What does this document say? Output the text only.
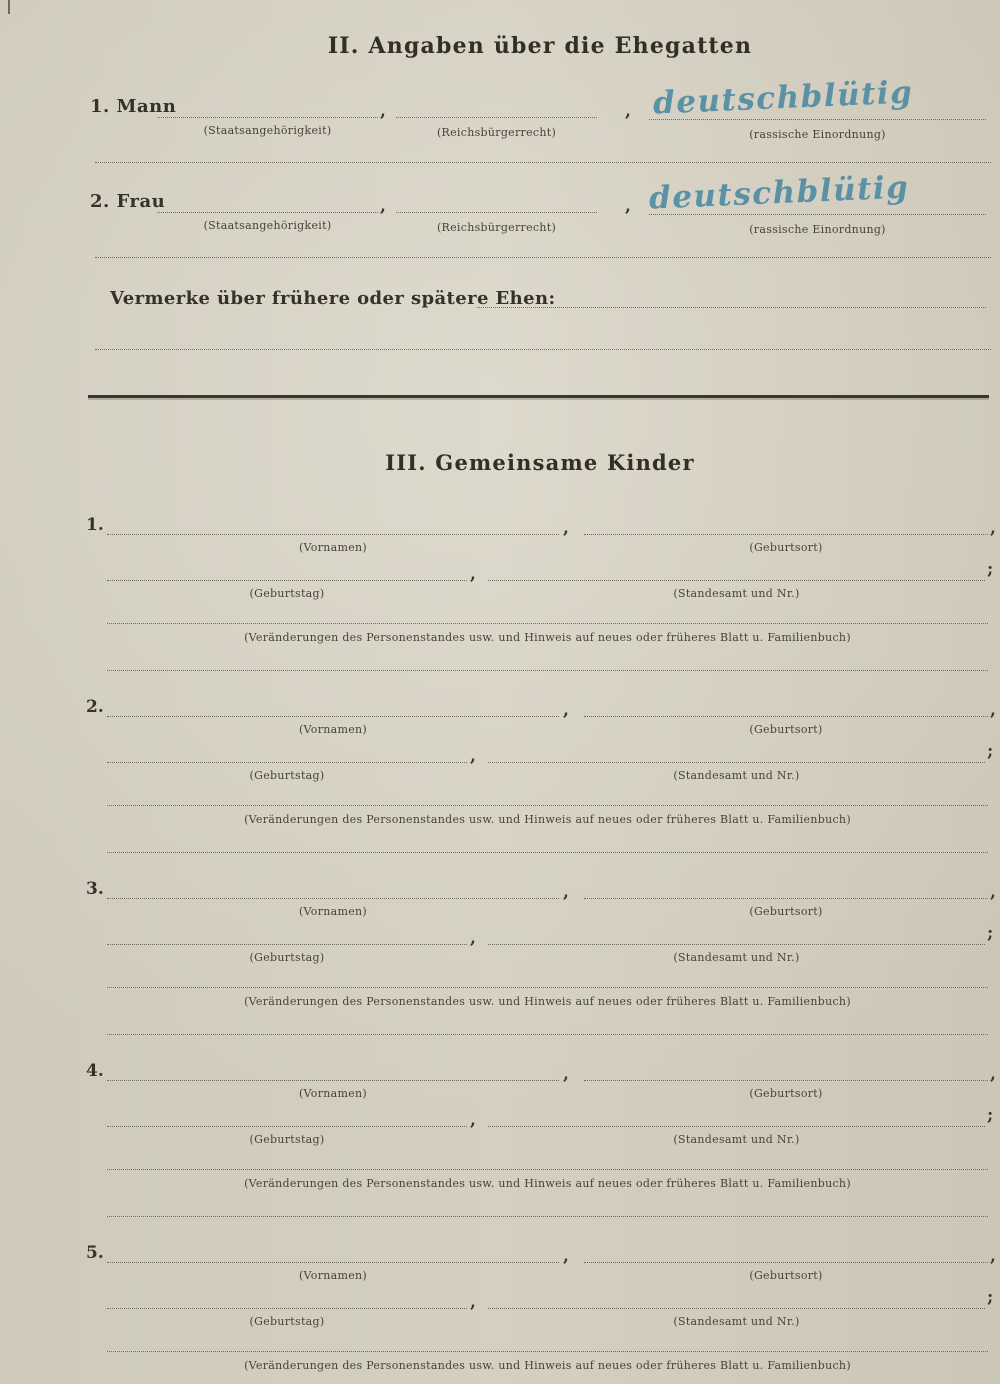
II. Angaben über die Ehegatten
1. Mann	,	,
(Staatsangehörigkeit)	(Reichsbürgerrecht)	(rassische Einordnung)
deutschblütig
2. Frau	,	,
(Staatsangehörigkeit)	(Reichsbürgerrecht)	(rassische Einordnung)
deutschblütig
Vermerke über frühere oder spätere Ehen:
III. Gemeinsame Kinder
1.	,	,
(Vornamen)	(Geburtsort)
,	;
(Geburtstag)	(Standesamt und Nr.)
(Veränderungen des Personenstandes usw. und Hinweis auf neues oder früheres Blatt u. Familienbuch)
2.	,	,
(Vornamen)	(Geburtsort)
,	;
(Geburtstag)	(Standesamt und Nr.)
(Veränderungen des Personenstandes usw. und Hinweis auf neues oder früheres Blatt u. Familienbuch)
3.	,	,
(Vornamen)	(Geburtsort)
,	;
(Geburtstag)	(Standesamt und Nr.)
(Veränderungen des Personenstandes usw. und Hinweis auf neues oder früheres Blatt u. Familienbuch)
4.	,	,
(Vornamen)	(Geburtsort)
,	;
(Geburtstag)	(Standesamt und Nr.)
(Veränderungen des Personenstandes usw. und Hinweis auf neues oder früheres Blatt u. Familienbuch)
5.	,	,
(Vornamen)	(Geburtsort)
,	;
(Geburtstag)	(Standesamt und Nr.)
(Veränderungen des Personenstandes usw. und Hinweis auf neues oder früheres Blatt u. Familienbuch)
